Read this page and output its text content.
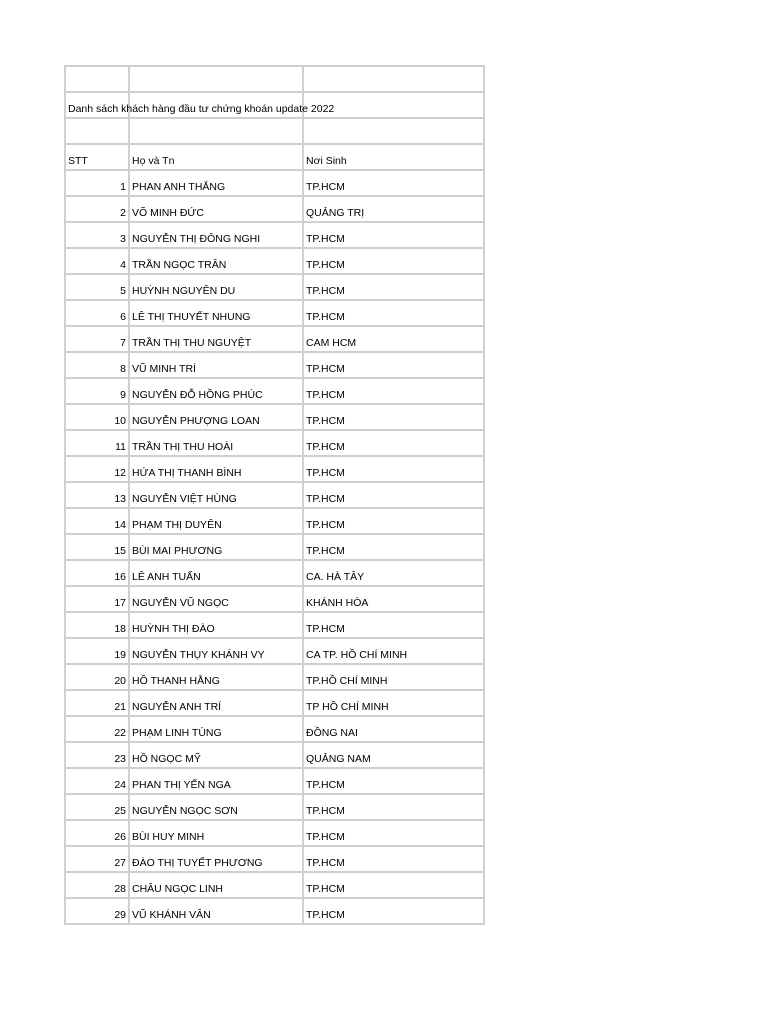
Danh sách khách hàng đầu tư chứng khoán update 2022		

STT	Họ và Tn	Nơi Sinh
1	PHAN ANH THẮNG	TP.HCM
2	VÕ MINH ĐỨC	QUẢNG TRỊ
3	NGUYỄN THỊ ĐÔNG NGHI	TP.HCM
4	TRẦN NGỌC TRÂN	TP.HCM
5	HUỲNH NGUYÊN DU	TP.HCM
6	LÊ THỊ THUYẾT NHUNG	TP.HCM
7	TRẦN THỊ THU NGUYỆT	CAM HCM
8	VŨ MINH TRÍ	TP.HCM
9	NGUYỄN ĐỖ HỒNG PHÚC	TP.HCM
10	NGUYỄN PHƯỢNG LOAN	TP.HCM
11	TRẦN THỊ THU HOÀI	TP.HCM
12	HỨA THỊ THANH BÌNH	TP.HCM
13	NGUYỄN VIỆT HÙNG	TP.HCM
14	PHẠM THỊ DUYÊN	TP.HCM
15	BÙI MAI PHƯƠNG	TP.HCM
16	LÊ ANH TUẤN	CA. HÀ TÂY
17	NGUYỄN VŨ NGỌC	KHÁNH HÒA
18	HUỲNH THỊ ĐÀO	TP.HCM
19	NGUYỄN THỤY KHÁNH VY	CA TP. HỒ CHÍ MINH
20	HỒ THANH HẰNG	TP.HỒ CHÍ MINH
21	NGUYỄN ANH TRÍ	TP HỒ CHÍ MINH
22	PHẠM LINH TÙNG	ĐỒNG NAI
23	HỒ NGỌC MỸ	QUẢNG NAM
24	PHAN THỊ YẾN NGA	TP.HCM
25	NGUYỄN NGỌC SƠN	TP.HCM
26	BÙI HUY MINH	TP.HCM
27	ĐÀO THỊ TUYẾT PHƯƠNG	TP.HCM
28	CHÂU NGỌC LINH	TP.HCM
29	VŨ KHÁNH VÂN	TP.HCM
